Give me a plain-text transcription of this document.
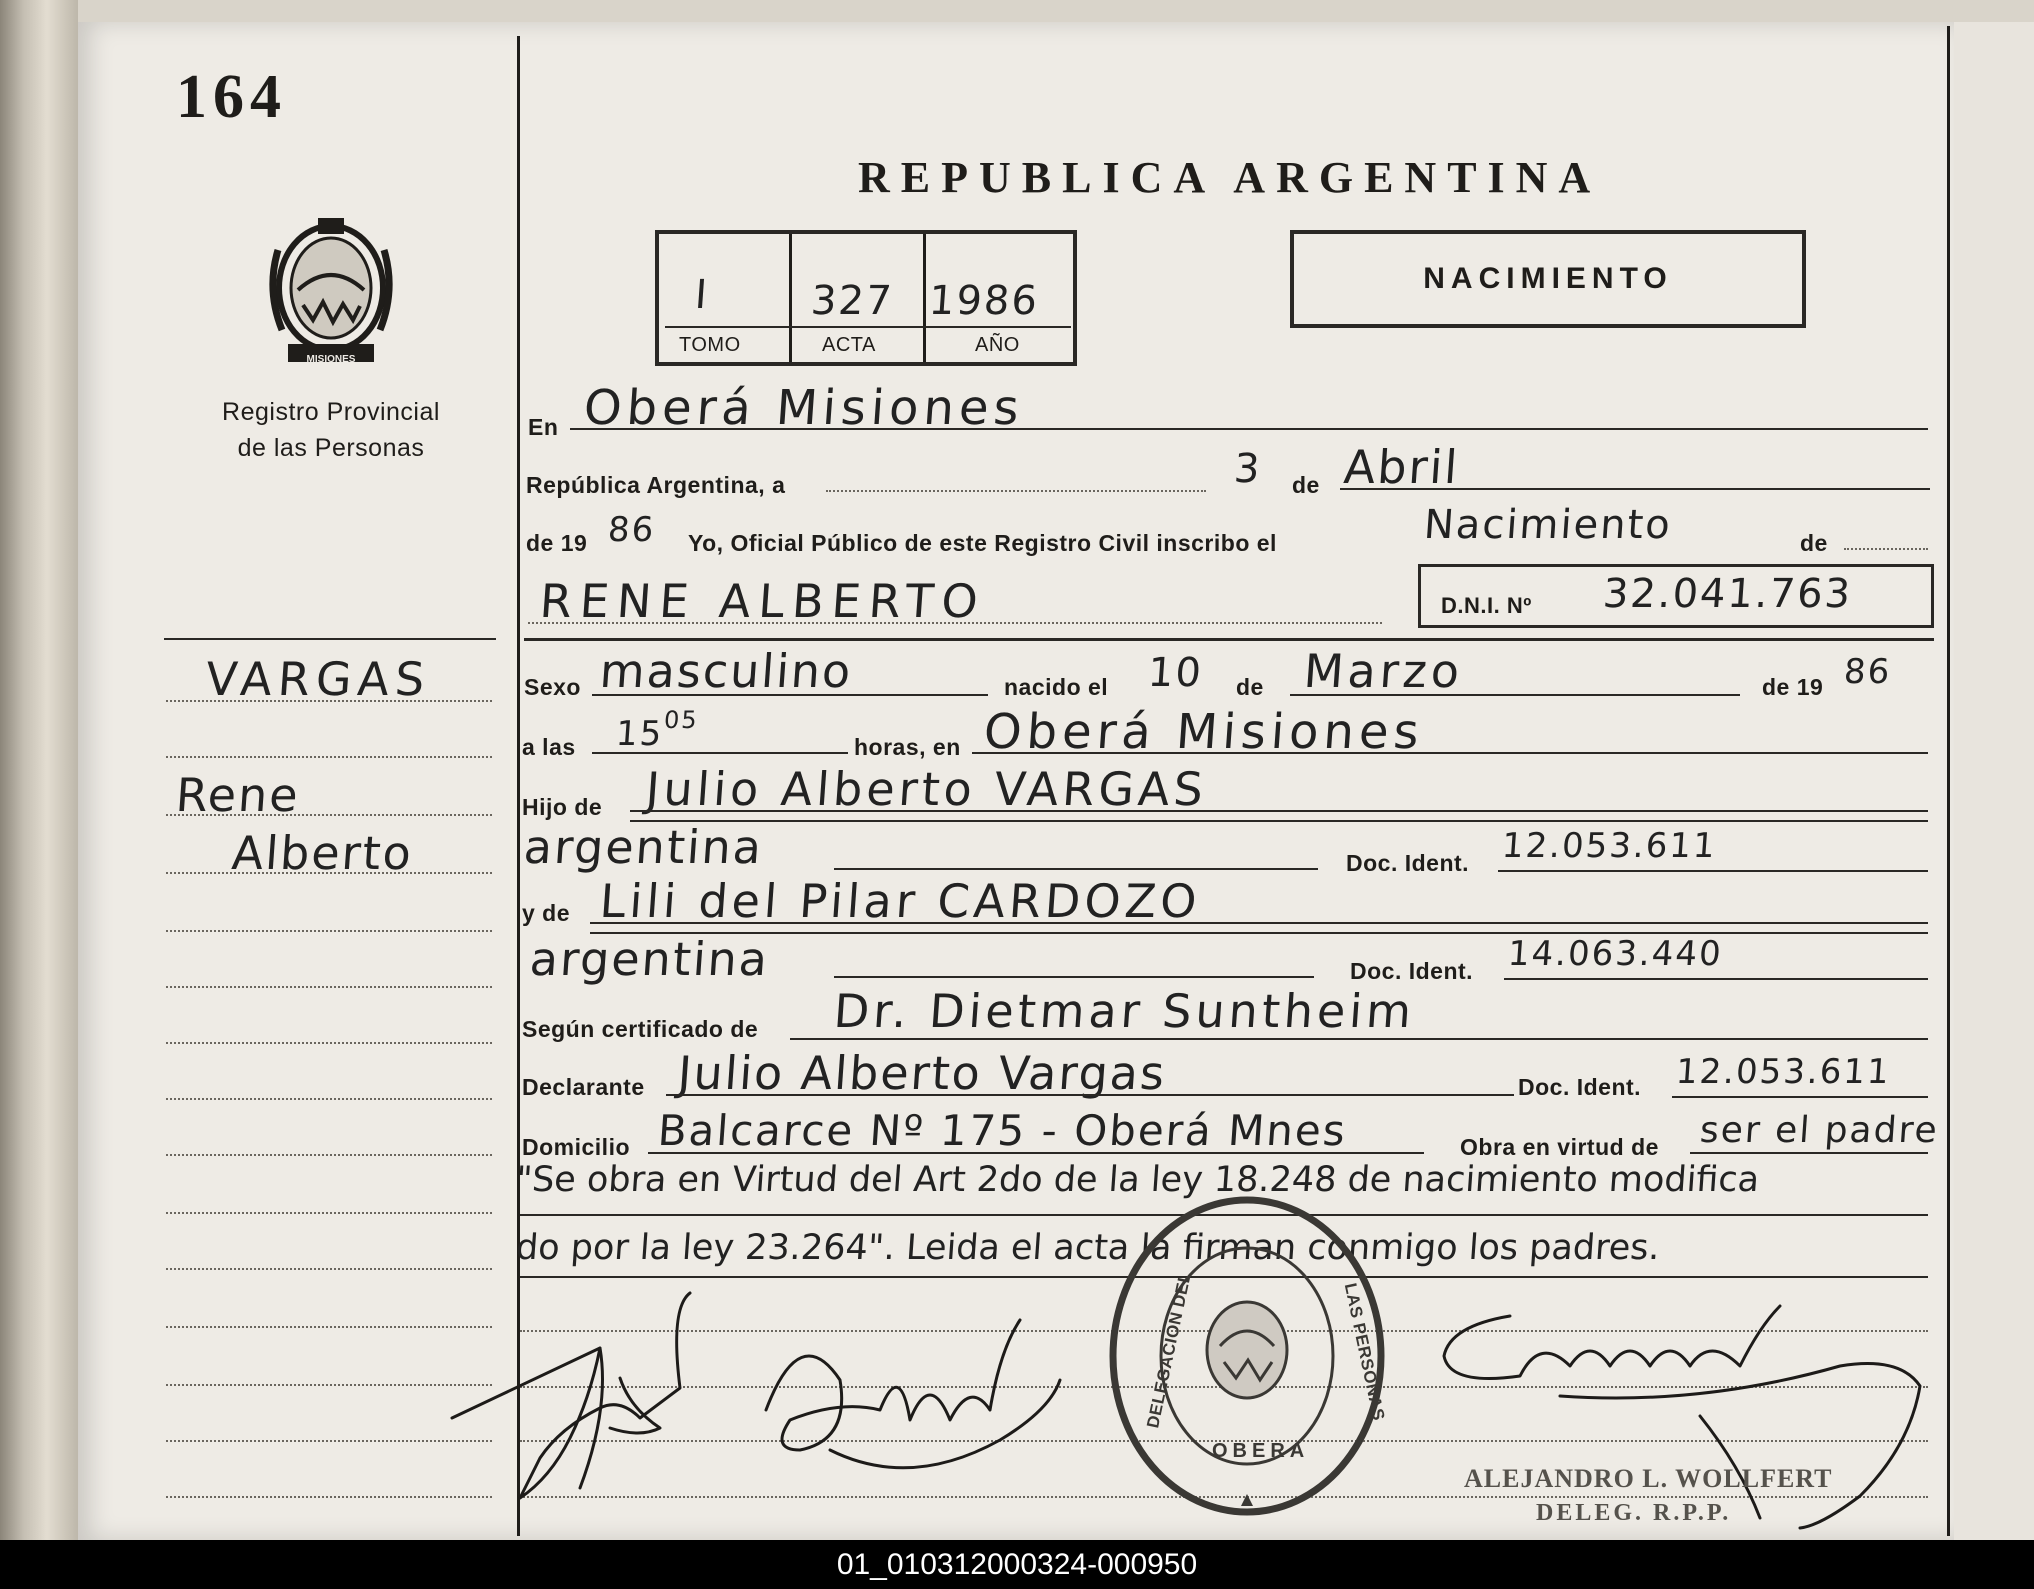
164
MISIONES
Registro Provincial
de las Personas
REPUBLICA ARGENTINA
I 327 1986
TOMO	ACTA	AÑO
NACIMIENTO
VARGAS
Rene
Alberto
En Oberá Misiones
República Argentina, a	3 de Abril
de 19 86 Yo, Oficial Público de este Registro Civil inscribo el	Nacimiento	de
RENE ALBERTO	D.N.I. Nº 32.041.763
Sexo masculino	nacido el 10 de Marzo	de 19 86
a las 15
05
horas, en Oberá Misiones
Hijo de Julio Alberto VARGAS
argentina	Doc. Ident. 12.053.611
y de Lili del Pilar CARDOZO
argentina	Doc. Ident. 14.063.440
Según certificado de Dr. Dietmar Suntheim
Declarante Julio Alberto Vargas	Doc. Ident. 12.053.611
Domicilio Balcarce Nº 175 - Oberá Mnes	Obra en virtud de ser el padre
"Se obra en Virtud del Art 2do de la ley 18.248 de nacimiento modifica
do por la ley 23.264". Leida el acta la firman conmigo los padres.
DELEGACION DEL	LAS PERSONAS
OBERA
ALEJANDRO L. WOLLFERT
DELEG. R.P.P.
01_010312000324-000950
